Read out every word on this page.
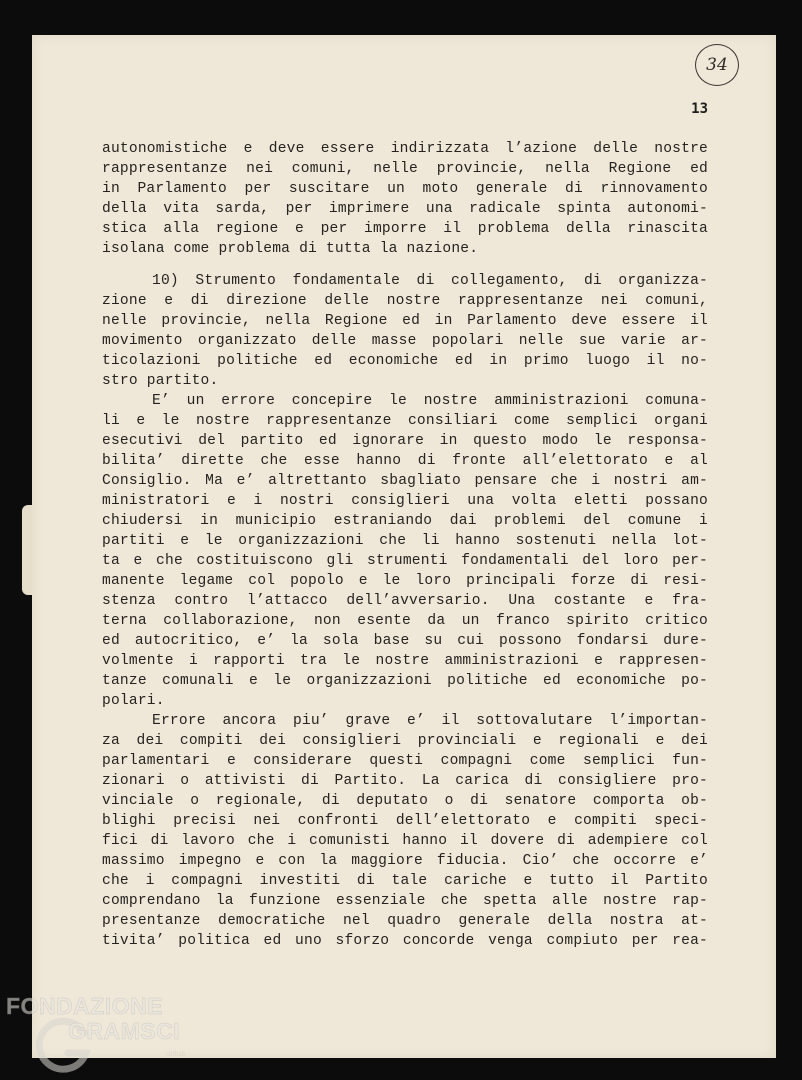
34
13
autonomistiche e deve essere indirizzata l’azione delle nostre
rappresentanze nei comuni, nelle provincie, nella Regione ed
in Parlamento per suscitare un moto generale di rinnovamento
della vita sarda, per imprimere una radicale spinta autonomi-
stica alla regione e per imporre il problema della rinascita
isolana come problema di tutta la nazione.
10) Strumento fondamentale di collegamento, di organizza-
zione e di direzione delle nostre rappresentanze nei comuni,
nelle provincie, nella Regione ed in Parlamento deve essere il
movimento organizzato delle masse popolari nelle sue varie ar-
ticolazioni politiche ed economiche ed in primo luogo il no-
stro partito.
E’ un errore concepire le nostre amministrazioni comuna-
li e le nostre rappresentanze consiliari come semplici organi
esecutivi del partito ed ignorare in questo modo le responsa-
bilita’ dirette che esse hanno di fronte all’elettorato e al
Consiglio. Ma e’ altrettanto sbagliato pensare che i nostri am-
ministratori e i nostri consiglieri una volta eletti possano
chiudersi in municipio estraniando dai problemi del comune i
partiti e le organizzazioni che li hanno sostenuti nella lot-
ta e che costituiscono gli strumenti fondamentali del loro per-
manente legame col popolo e le loro principali forze di resi-
stenza contro l’attacco dell’avversario. Una costante e fra-
terna collaborazione, non esente da un franco spirito critico
ed autocritico, e’ la sola base su cui possono fondarsi dure-
volmente i rapporti tra le nostre amministrazioni e rappresen-
tanze comunali e le organizzazioni politiche ed economiche po-
polari.
Errore ancora piu’ grave e’ il sottovalutare l’importan-
za dei compiti dei consiglieri provinciali e regionali e dei
parlamentari e considerare questi compagni come semplici fun-
zionari o attivisti di Partito. La carica di consigliere pro-
vinciale o regionale, di deputato o di senatore comporta ob-
blighi precisi nei confronti dell’elettorato e compiti speci-
fici di lavoro che i comunisti hanno il dovere di adempiere col
massimo impegno e con la maggiore fiducia. Cio’ che occorre e’
che i compagni investiti di tale cariche e tutto il Partito
comprendano la funzione essenziale che spetta alle nostre rap-
presentanze democratiche nel quadro generale della nostra at-
tivita’ politica ed uno sforzo concorde venga compiuto per rea-
FONDAZIONE
GRAMSCI
onlus
